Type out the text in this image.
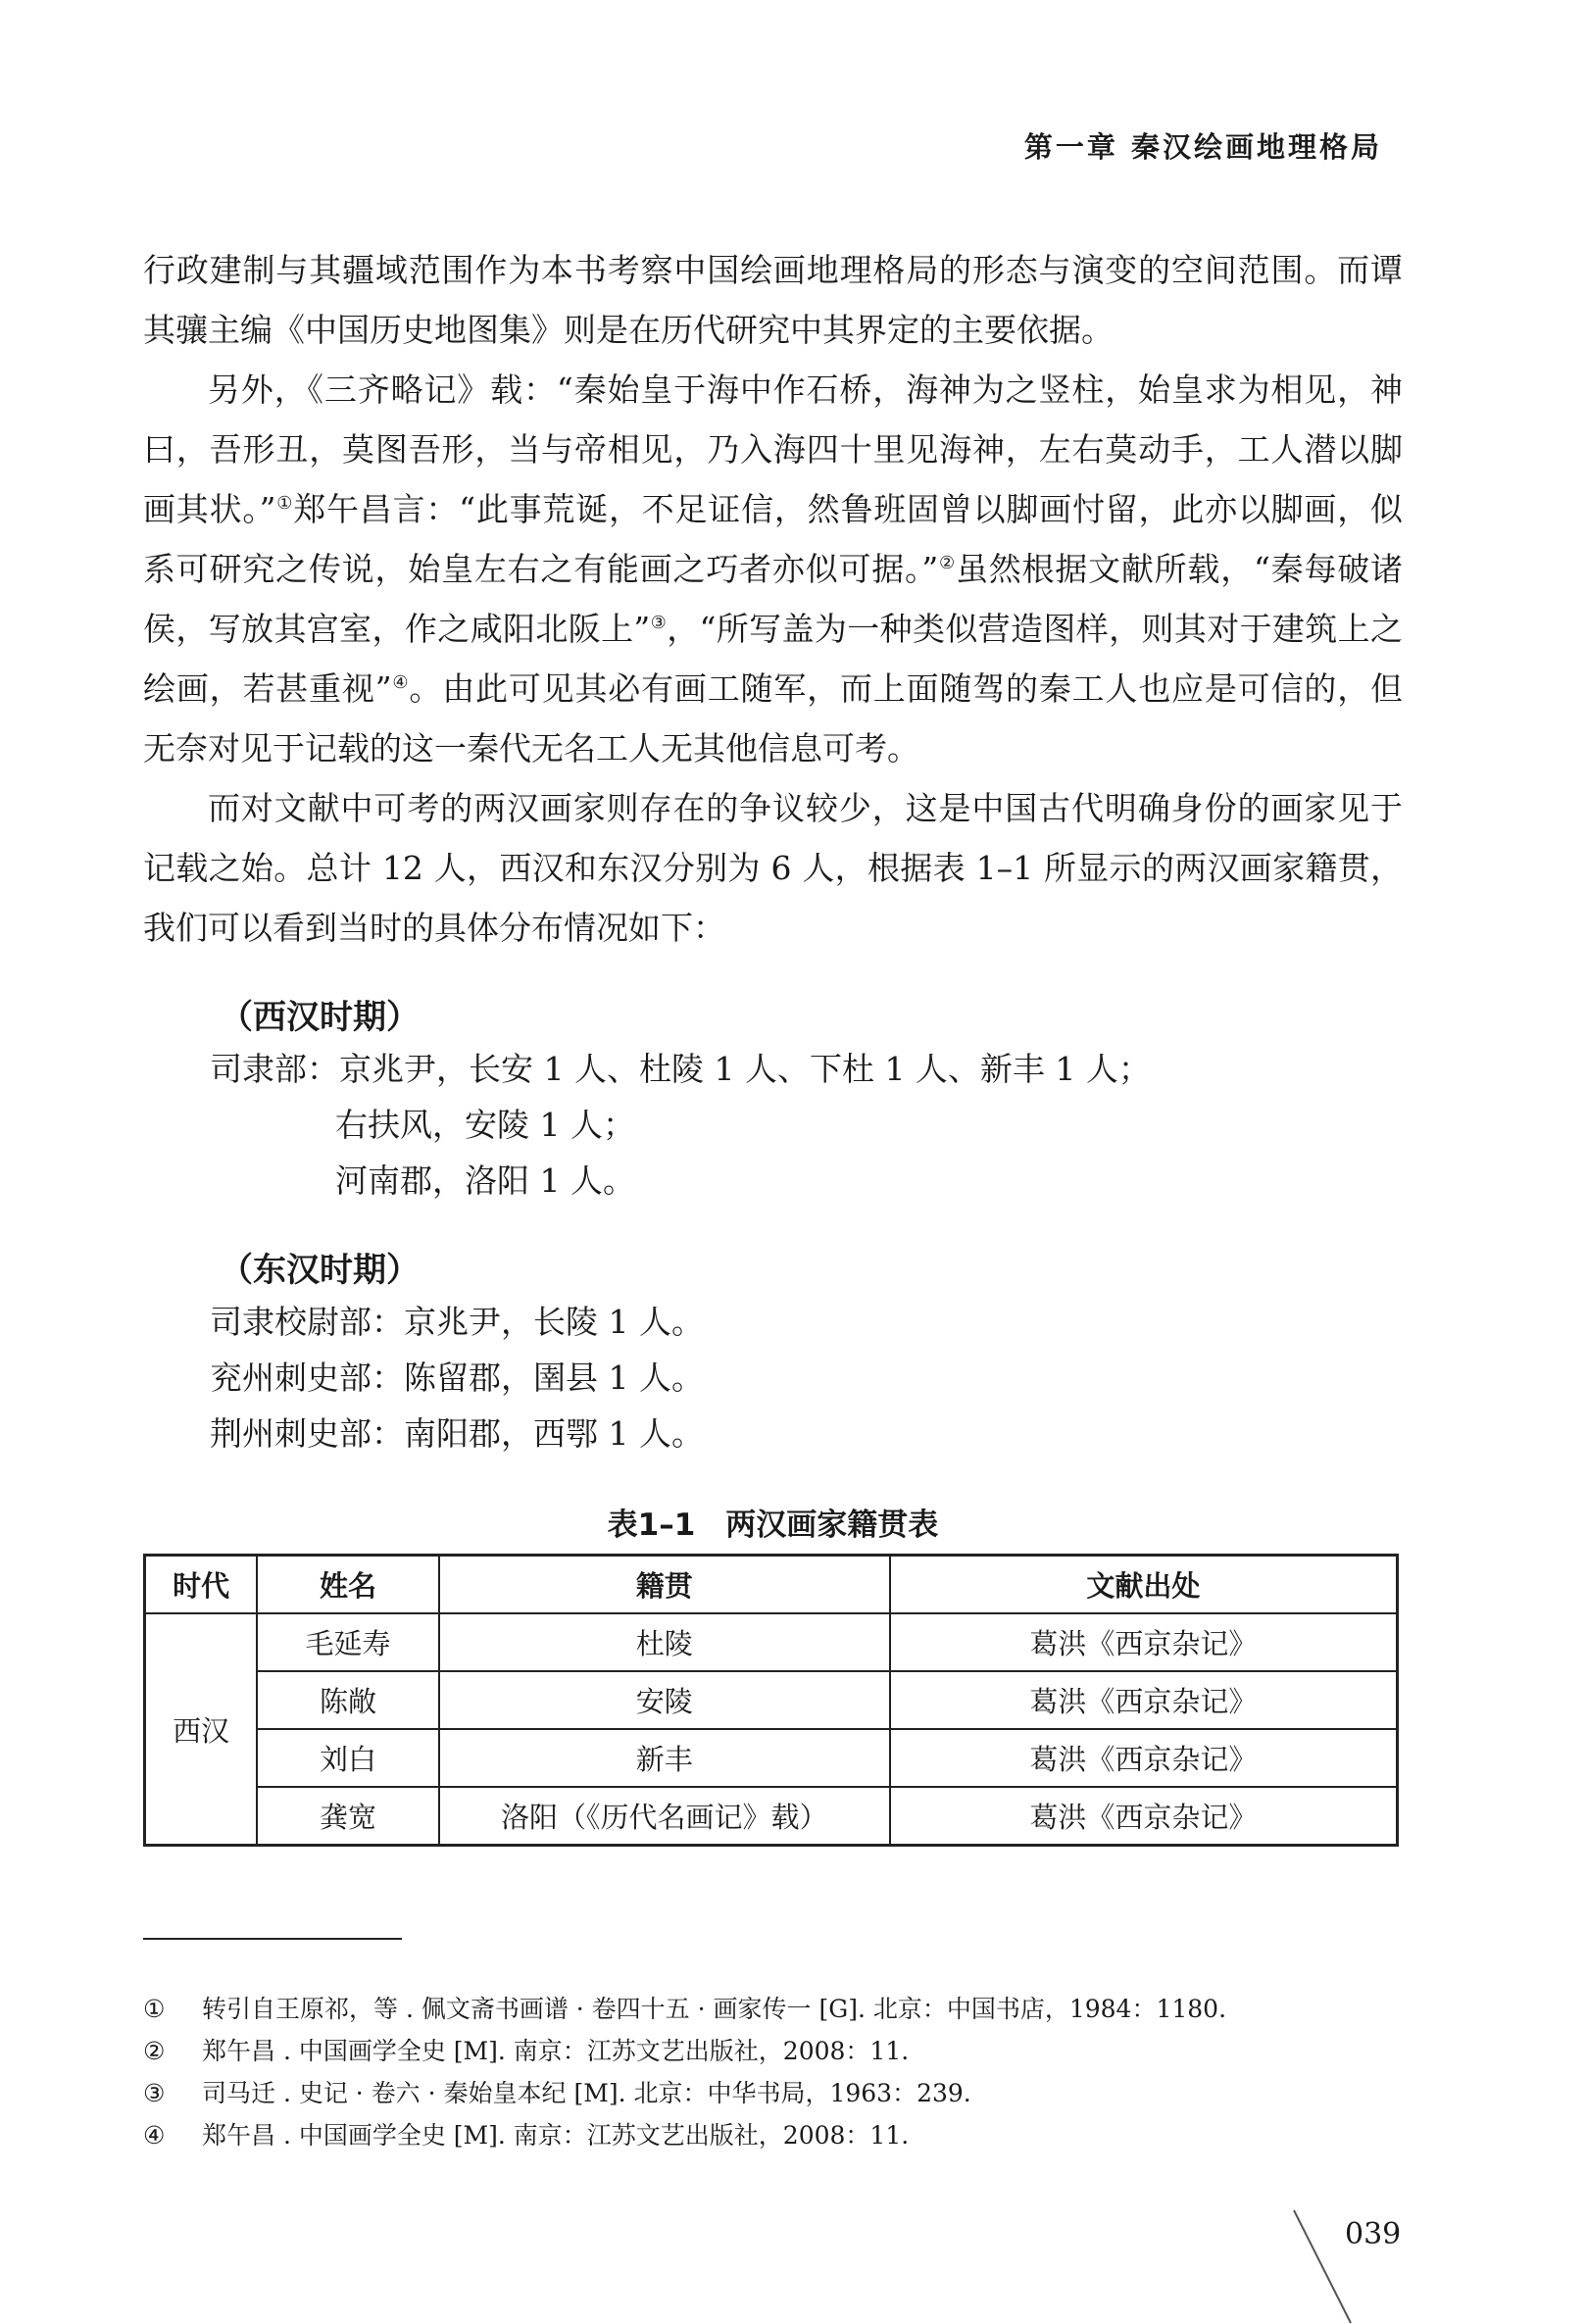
第一章 秦汉绘画地理格局

行政建制与其疆域范围作为本书考察中国绘画地理格局的形态与演变的空间范围。而谭其骧主编《中国历史地图集》则是在历代研究中其界定的主要依据。

另外，《三齐略记》载：“秦始皇于海中作石桥，海神为之竖柱，始皇求为相见，神曰，吾形丑，莫图吾形，当与帝相见，乃入海四十里见海神，左右莫动手，工人潜以脚画其状。”①郑午昌言：“此事荒诞，不足证信，然鲁班固曾以脚画忖留，此亦以脚画，似系可研究之传说，始皇左右之有能画之巧者亦似可据。”②虽然根据文献所载，“秦每破诸侯，写放其宫室，作之咸阳北阪上”③，“所写盖为一种类似营造图样，则其对于建筑上之绘画，若甚重视”④。由此可见其必有画工随军，而上面随驾的秦工人也应是可信的，但无奈对见于记载的这一秦代无名工人无其他信息可考。

而对文献中可考的两汉画家则存在的争议较少，这是中国古代明确身份的画家见于记载之始。总计 12 人，西汉和东汉分别为 6 人，根据表 1–1 所显示的两汉画家籍贯，我们可以看到当时的具体分布情况如下：

（西汉时期）
司隶部：京兆尹，长安 1 人、杜陵 1 人、下杜 1 人、新丰 1 人；
右扶风，安陵 1 人；
河南郡，洛阳 1 人。
（东汉时期）
司隶校尉部：京兆尹，长陵 1 人。
兖州刺史部：陈留郡，圉县 1 人。
荆州刺史部：南阳郡，西鄂 1 人。
表1–1　两汉画家籍贯表
时代	姓名	籍贯	文献出处
西汉	毛延寿	杜陵	葛洪《西京杂记》
	陈敞	安陵	葛洪《西京杂记》
	刘白	新丰	葛洪《西京杂记》
	龚宽	洛阳（《历代名画记》载）	葛洪《西京杂记》
① 转引自王原祁，等 . 佩文斋书画谱 · 卷四十五 · 画家传一 [G]. 北京：中国书店，1984：1180.
② 郑午昌 . 中国画学全史 [M]. 南京：江苏文艺出版社，2008：11.
③ 司马迁 . 史记 · 卷六 · 秦始皇本纪 [M]. 北京：中华书局，1963：239.
④ 郑午昌 . 中国画学全史 [M]. 南京：江苏文艺出版社，2008：11.
039
